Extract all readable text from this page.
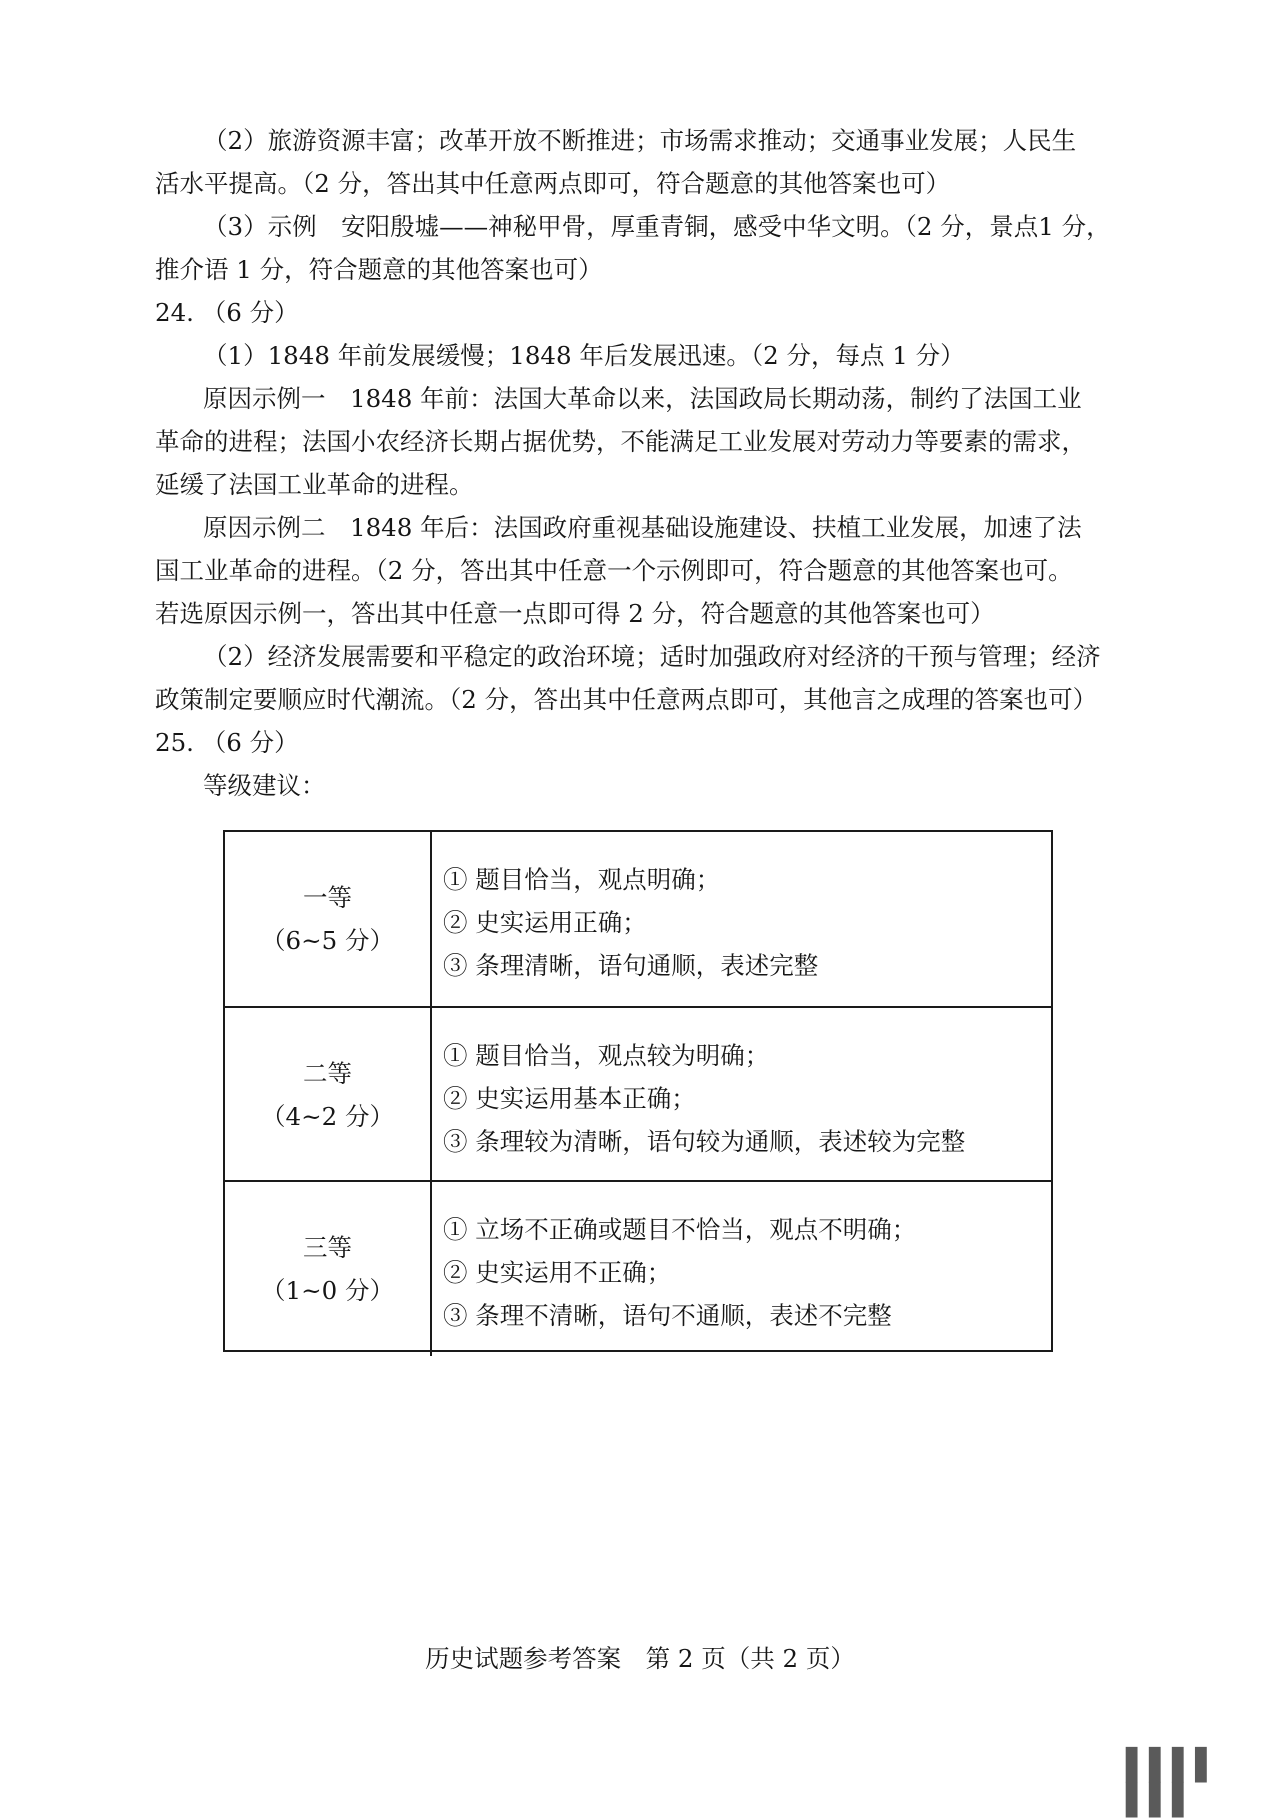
（2）旅游资源丰富；改革开放不断推进；市场需求推动；交通事业发展；人民生
活水平提高。（2 分，答出其中任意两点即可，符合题意的其他答案也可）
（3）示例　安阳殷墟——神秘甲骨，厚重青铜，感受中华文明。（2 分，景点1 分，
推介语 1 分，符合题意的其他答案也可）
24. （6 分）
（1）1848 年前发展缓慢；1848 年后发展迅速。（2 分，每点 1 分）
原因示例一　1848 年前：法国大革命以来，法国政局长期动荡，制约了法国工业
革命的进程；法国小农经济长期占据优势，不能满足工业发展对劳动力等要素的需求，
延缓了法国工业革命的进程。
原因示例二　1848 年后：法国政府重视基础设施建设、扶植工业发展，加速了法
国工业革命的进程。（2 分，答出其中任意一个示例即可，符合题意的其他答案也可。
若选原因示例一，答出其中任意一点即可得 2 分，符合题意的其他答案也可）
（2）经济发展需要和平稳定的政治环境；适时加强政府对经济的干预与管理；经济
政策制定要顺应时代潮流。（2 分，答出其中任意两点即可，其他言之成理的答案也可）
25. （6 分）
等级建议：
一等
（6~5 分）
① 题目恰当，观点明确；
② 史实运用正确；
③ 条理清晰，语句通顺，表述完整
二等
（4~2 分）
① 题目恰当，观点较为明确；
② 史实运用基本正确；
③ 条理较为清晰，语句较为通顺，表述较为完整
三等
（1~0 分）
① 立场不正确或题目不恰当，观点不明确；
② 史实运用不正确；
③ 条理不清晰，语句不通顺，表述不完整
历史试题参考答案　第 2 页（共 2 页）
▌▌▌▌ ▌▌▌
